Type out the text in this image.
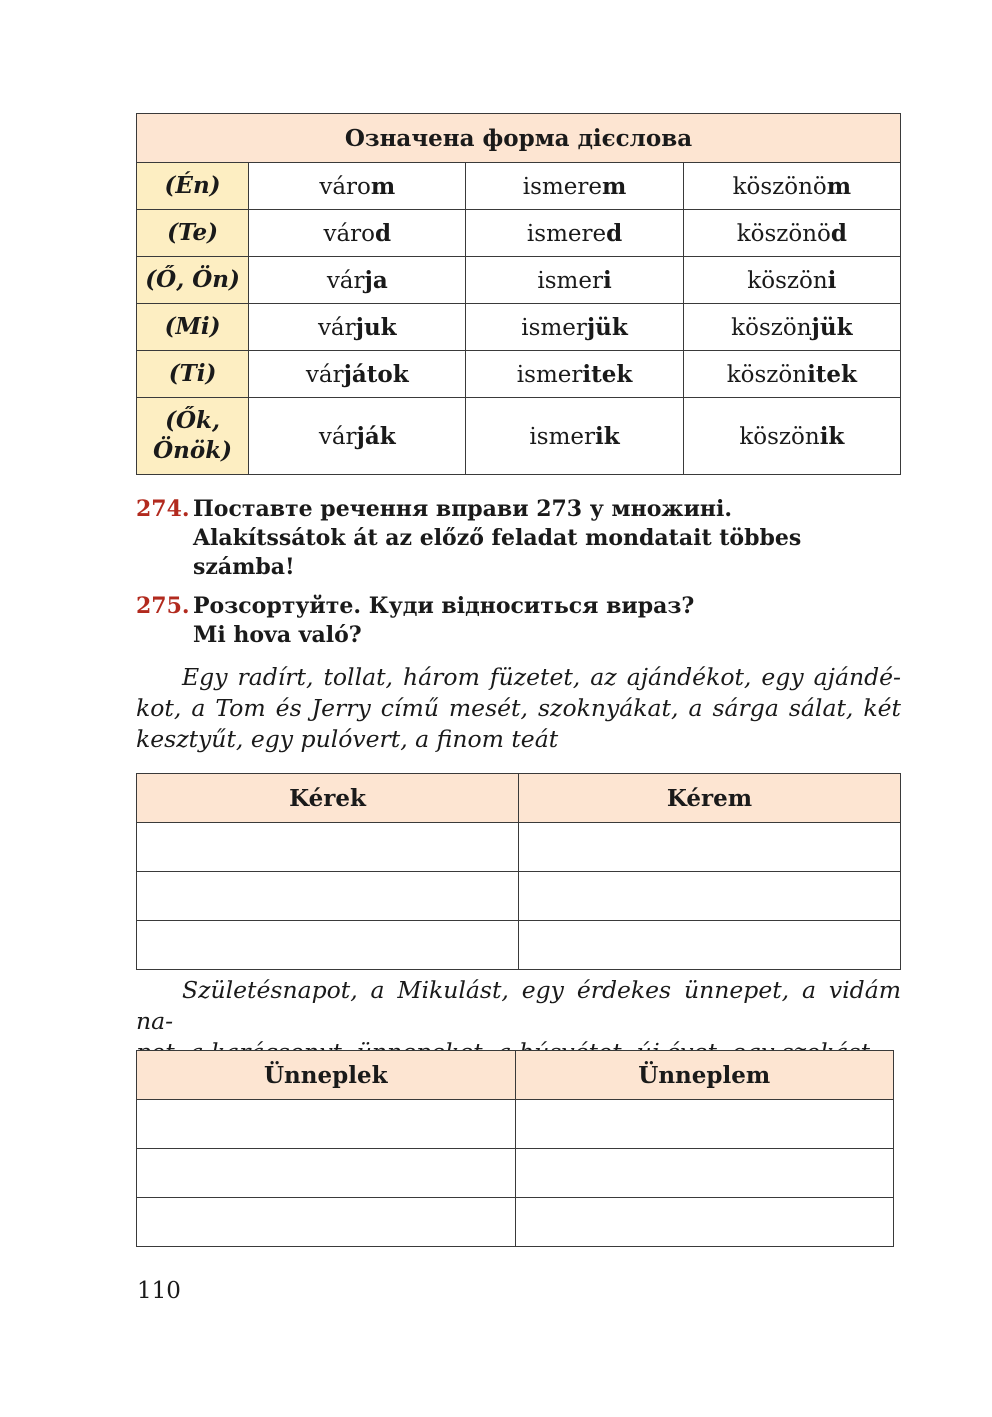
Означена форма дієслова			
(Én)	várom	ismerem	köszönöm
(Te)	várod	ismered	köszönöd
(Ő, Ön)	várja	ismeri	köszöni
(Mi)	várjuk	ismerjük	köszönjük
(Ti)	várjátok	ismeritek	köszönitek
(Ők,
Önök)	várják	ismerik	köszönik
274. Поставте речення вправи 273 у множині.
Alakítssátok át az előző feladat mondatait többes
számba!
275. Розсортуйте. Куди відноситься вираз?
Mi hova való?
Egy radírt, tollat, három füzetet, az ajándékot, egy ajándé-
kot, a Tom és Jerry című mesét, szoknyákat, a sárga sálat, két
kesztyűt, egy pulóvert, a finom teát
Kérek	Kérem

Születésnapot, a Mikulást, egy érdekes ünnepet, a vidám na-
Ünneplek	Ünneplem

110
